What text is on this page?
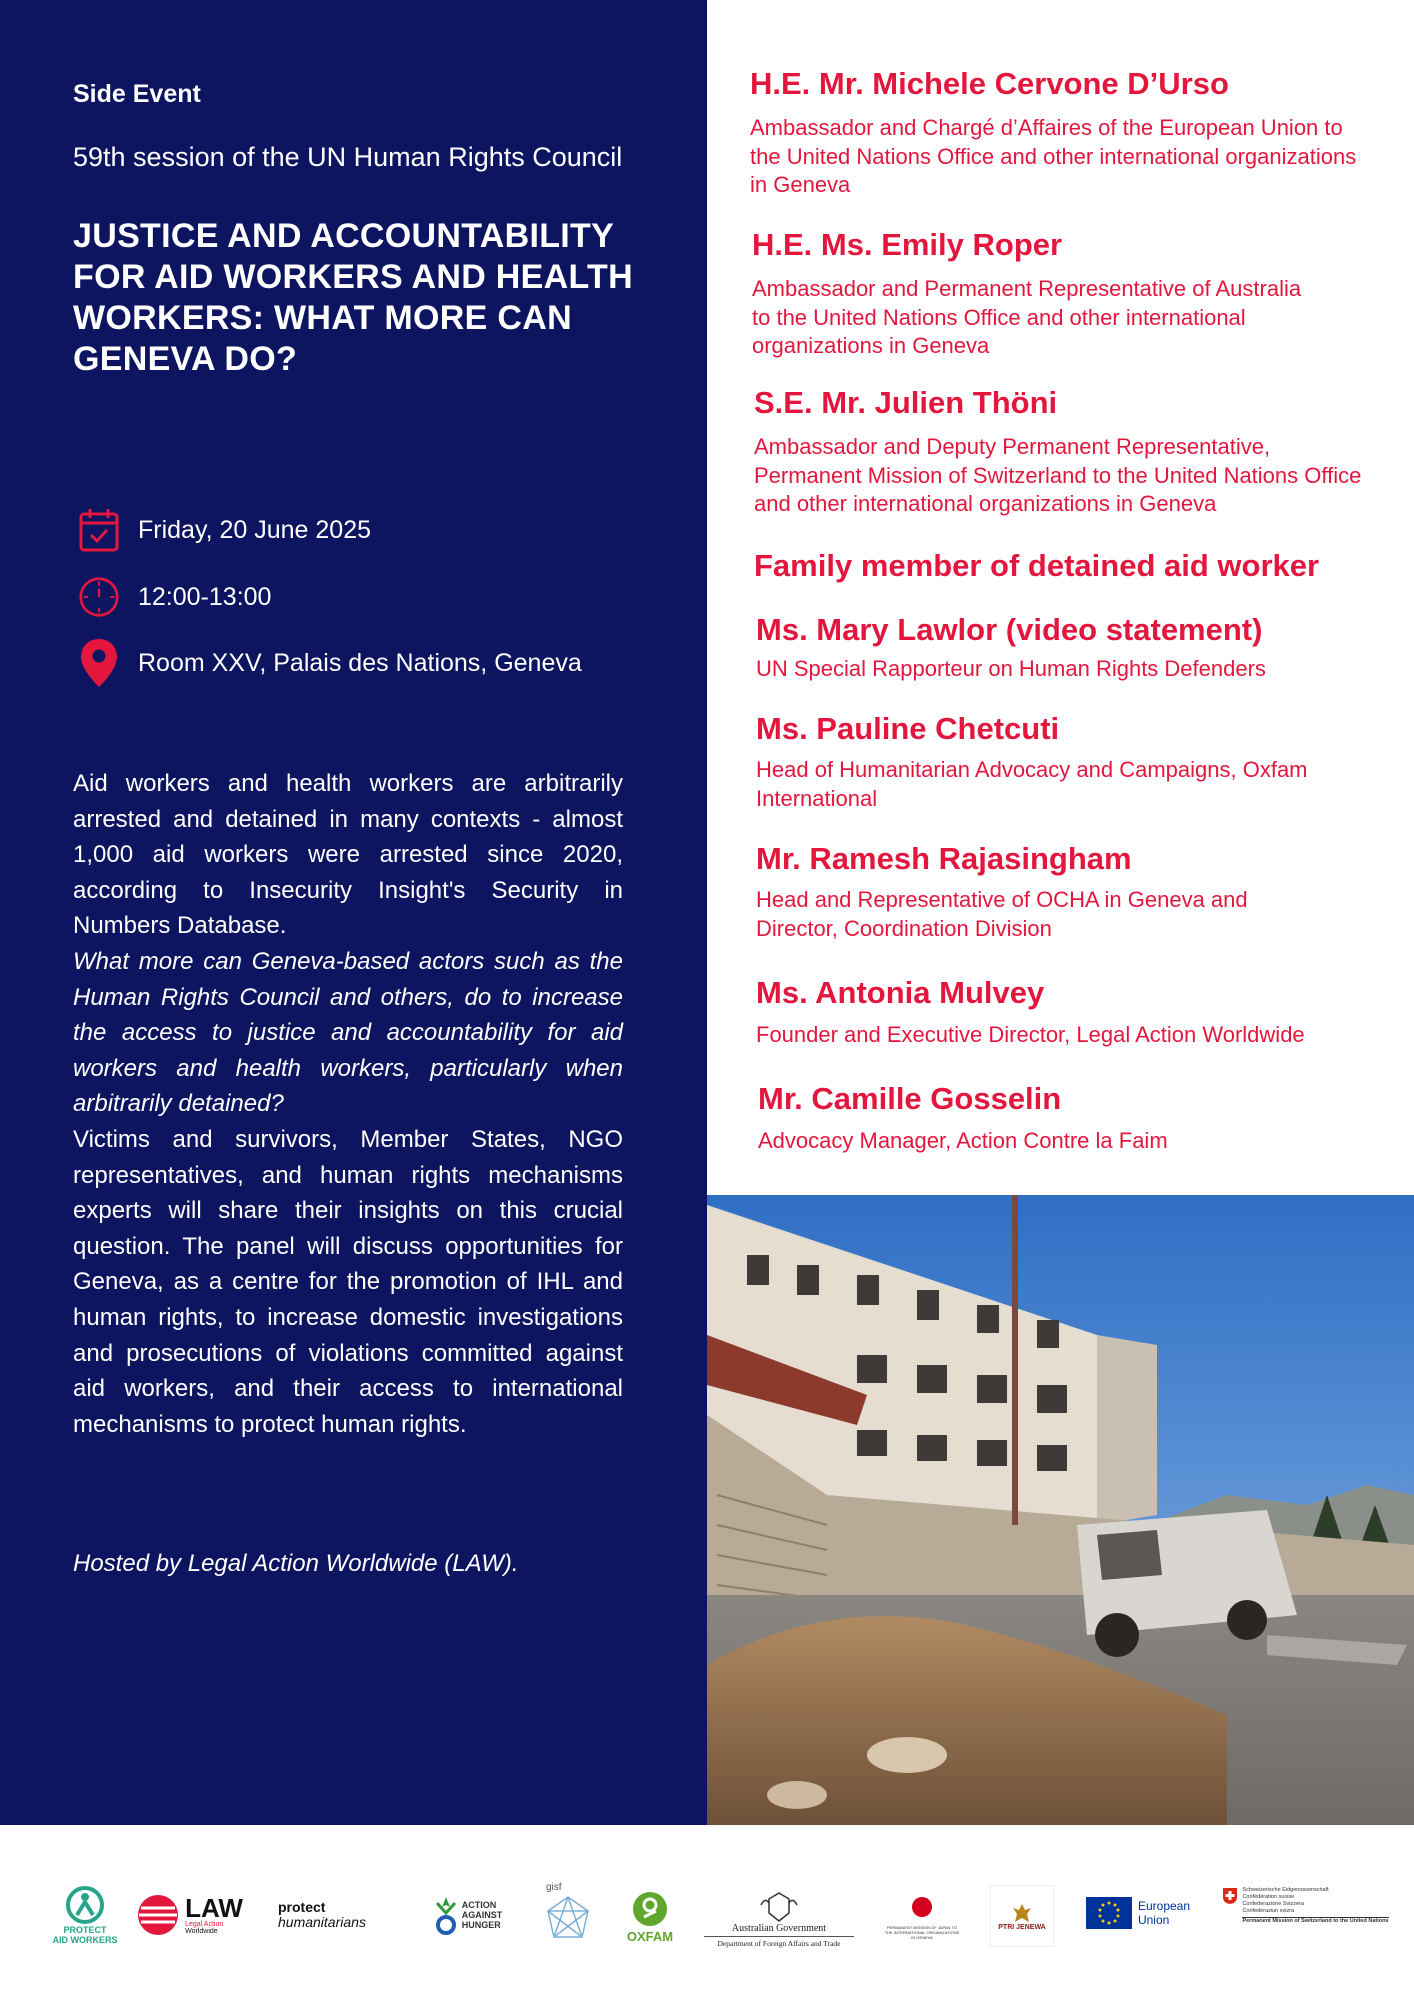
Side Event
59th session of the UN Human Rights Council
JUSTICE AND ACCOUNTABILITY FOR AID WORKERS AND HEALTH WORKERS: WHAT MORE CAN GENEVA DO?
Friday, 20 June 2025
12:00-13:00
Room XXV, Palais des Nations, Geneva

Aid workers and health workers are arbitrarily arrested and detained in many contexts - almost 1,000 aid workers were arrested since 2020, according to Insecurity Insight's Security in Numbers Database.

What more can Geneva-based actors such as the Human Rights Council and others, do to increase the access to justice and accountability for aid workers and health workers, particularly when arbitrarily detained?

Victims and survivors, Member States, NGO representatives, and human rights mechanisms experts will share their insights on this crucial question. The panel will discuss opportunities for Geneva, as a centre for the promotion of IHL and human rights, to increase domestic investigations and prosecutions of violations committed against aid workers, and their access to international mechanisms to protect human rights.

Hosted by Legal Action Worldwide (LAW).
H.E. Mr. Michele Cervone D’Urso
Ambassador and Chargé d’Affaires of the European Union to the United Nations Office and other international organizations in Geneva
H.E. Ms. Emily Roper
Ambassador and Permanent Representative of Australia to the United Nations Office and other international organizations in Geneva
S.E. Mr. Julien Thöni
Ambassador and Deputy Permanent Representative, Permanent Mission of Switzerland to the United Nations Office and other international organizations in Geneva
Family member of detained aid worker
Ms. Mary Lawlor (video statement)
UN Special Rapporteur on Human Rights Defenders
Ms. Pauline Chetcuti
Head of Humanitarian Advocacy and Campaigns, Oxfam International
Mr. Ramesh Rajasingham
Head and Representative of OCHA in Geneva and Director, Coordination Division
Ms. Antonia Mulvey
Founder and Executive Director, Legal Action Worldwide
Mr. Camille Gosselin
Advocacy Manager, Action Contre la Faim
PROTECT
AID WORKERS
LAW
Legal Action
Worldwide
protect
humanitarians
ACTION
AGAINST
HUNGER
gisf
OXFAM
Australian Government
Department of Foreign Affairs and Trade
PERMANENT MISSION OF JAPAN TO THE INTERNATIONAL ORGANIZATIONS IN GENEVA
PTRI JENEWA
European
Union
Schweizerische Eidgenossenschaft
Confédération suisse
Confederazione Svizzera
Confederaziun svizra
Permanent Mission of Switzerland to the United Nations
